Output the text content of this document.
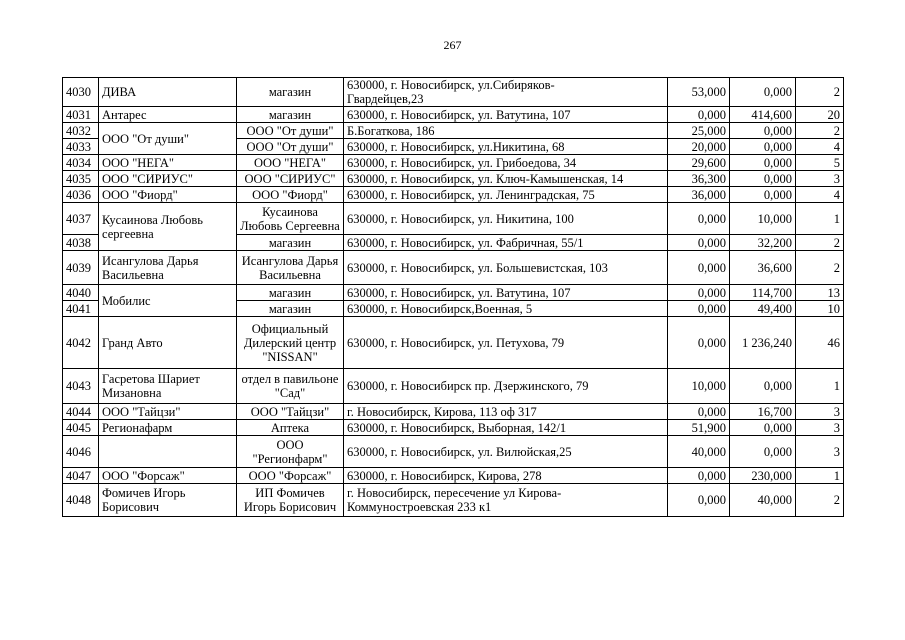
267
4030	ДИВА	магазин	630000, г. Новосибирск, ул.Сибиряков-
Гвардейцев,23	53,000	0,000	2
4031	Антарес	магазин	630000, г. Новосибирск, ул. Ватутина, 107	0,000	414,600	20
4032	ООО "От души"	ООО "От души"	Б.Богаткова, 186	25,000	0,000	2
4033		ООО "От души"	630000, г. Новосибирск, ул.Никитина, 68	20,000	0,000	4
4034	ООО "НЕГА"	ООО "НЕГА"	630000, г. Новосибирск, ул. Грибоедова, 34	29,600	0,000	5
4035	ООО "СИРИУС"	ООО "СИРИУС"	630000, г. Новосибирск, ул. Ключ-Камышенская, 14	36,300	0,000	3
4036	ООО "Фиорд"	ООО "Фиорд"	630000, г. Новосибирск, ул. Ленинградская, 75	36,000	0,000	4
4037	Кусаинова Любовь
сергеевна	Кусаинова
Любовь Сергеевна	630000, г. Новосибирск, ул. Никитина, 100	0,000	10,000	1
4038		магазин	630000, г. Новосибирск, ул. Фабричная, 55/1	0,000	32,200	2
4039	Исангулова Дарья
Васильевна	Исангулова Дарья
Васильевна	630000, г. Новосибирск, ул. Большевистская, 103	0,000	36,600	2
4040	Мобилис	магазин	630000, г. Новосибирск, ул. Ватутина, 107	0,000	114,700	13
4041		магазин	630000, г. Новосибирск,Военная, 5	0,000	49,400	10
4042	Гранд Авто	Официальный
Дилерский центр
"NISSAN"	630000, г. Новосибирск, ул. Петухова, 79	0,000	1 236,240	46
4043	Гасретова Шариет
Мизановна	отдел в павильоне
"Сад"	630000, г. Новосибирск пр. Дзержинского, 79	10,000	0,000	1
4044	ООО "Тайцзи"	ООО "Тайцзи"	г. Новосибирск, Кирова, 113 оф 317	0,000	16,700	3
4045	Регионафарм	Аптека	630000, г. Новосибирск, Выборная, 142/1	51,900	0,000	3
4046		ООО
"Регионфарм"	630000, г. Новосибирск, ул. Вилюйская,25	40,000	0,000	3
4047	ООО "Форсаж"	ООО "Форсаж"	630000, г. Новосибирск, Кирова, 278	0,000	230,000	1
4048	Фомичев Игорь
Борисович	ИП Фомичев
Игорь Борисович	г. Новосибирск, пересечение ул Кирова-
Коммуностроевская 233 к1	0,000	40,000	2
